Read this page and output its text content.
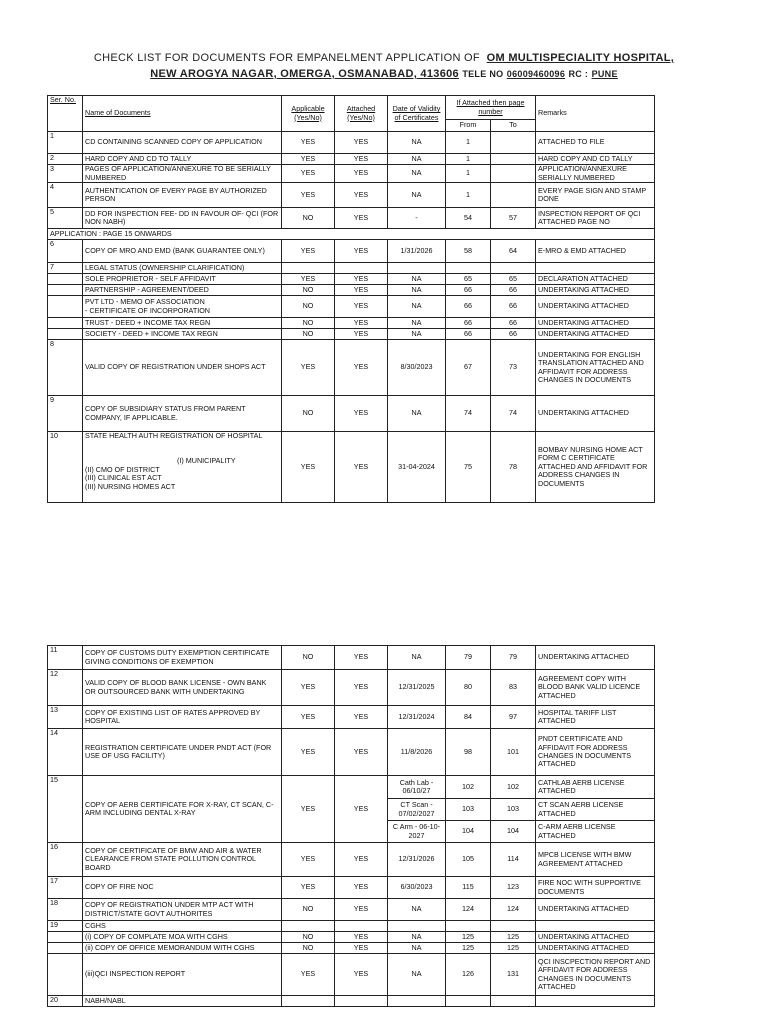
CHECK LIST FOR DOCUMENTS FOR EMPANELMENT APPLICATION OF OM MULTISPECIALITY HOSPITAL,
NEW AROGYA NAGAR, OMERGA, OSMANABAD, 413606 TELE NO 06009460096 RC : PUNE
Ser. No.	Name of Documents	Applicable (Yes/No)	Attached (Yes/No)	Date of Validity of Certificates	If Attached then page number		Remarks
					From	To	
1	CD CONTAINING SCANNED COPY OF APPLICATION	YES	YES	NA	1		ATTACHED TO FILE
2	HARD COPY AND CD TO TALLY	YES	YES	NA	1		HARD COPY AND CD TALLY
3	PAGES OF APPLICATION/ANNEXURE TO BE SERIALLY NUMBERED	YES	YES	NA	1		APPLICATION/ANNEXURE SERIALLY NUMBERED
4	AUTHENTICATION OF EVERY PAGE BY AUTHORIZED PERSON	YES	YES	NA	1		EVERY PAGE SIGN AND STAMP DONE
5	DD FOR INSPECTION FEE- DD IN FAVOUR OF- QCI (FOR NON NABH)	NO	YES	-	54	57	INSPECTION REPORT OF QCI ATTACHED PAGE NO
APPLICATION : PAGE 15 ONWARDS							
6	COPY OF MRO AND EMD (BANK GUARANTEE ONLY)	YES	YES	1/31/2026	58	64	E-MRO & EMD ATTACHED
7	LEGAL STATUS (OWNERSHIP CLARIFICATION)						
	SOLE PROPRIETOR - SELF AFFIDAVIT	YES	YES	NA	65	65	DECLARATION ATTACHED
	PARTNERSHIP - AGREEMENT/DEED	NO	YES	NA	66	66	UNDERTAKING ATTACHED
	PVT LTD - MEMO OF ASSOCIATION
- CERTIFICATE OF INCORPORATION	NO	YES	NA	66	66	UNDERTAKING ATTACHED
	TRUST - DEED + INCOME TAX REGN	NO	YES	NA	66	66	UNDERTAKING ATTACHED
	SOCIETY - DEED + INCOME TAX REGN	NO	YES	NA	66	66	UNDERTAKING ATTACHED
8	VALID COPY OF REGISTRATION UNDER SHOPS ACT	YES	YES	8/30/2023	67	73	UNDERTAKING FOR ENGLISH TRANSLATION ATTACHED AND AFFIDAVIT FOR ADDRESS CHANGES IN DOCUMENTS
9	COPY OF SUBSIDIARY STATUS FROM PARENT COMPANY, IF APPLICABLE.	NO	YES	NA	74	74	UNDERTAKING ATTACHED
10	STATE HEALTH AUTH REGISTRATION OF HOSPITAL
(I) MUNICIPALITY
(II) CMO OF DISTRICT
(III) CLINICAL EST ACT
(III) NURSING HOMES ACT	YES	YES	31-04-2024	75	78	BOMBAY NURSING HOME ACT FORM C CERTIFICATE ATTACHED AND AFFIDAVIT FOR ADDRESS CHANGES IN DOCUMENTS
11	COPY OF CUSTOMS DUTY EXEMPTION CERTIFICATE GIVING CONDITIONS OF EXEMPTION	NO	YES	NA	79	79	UNDERTAKING ATTACHED
12	VALID COPY OF BLOOD BANK LICENSE - OWN BANK OR OUTSOURCED BANK WITH UNDERTAKING	YES	YES	12/31/2025	80	83	AGREEMENT COPY WITH BLOOD BANK VALID LICENCE ATTACHED
13	COPY OF EXISTING LIST OF RATES APPROVED BY HOSPITAL	YES	YES	12/31/2024	84	97	HOSPITAL TARIFF LIST ATTACHED
14	REGISTRATION CERTIFICATE UNDER PNDT ACT (FOR USE OF USG FACILITY)	YES	YES	11/8/2026	98	101	PNDT CERTIFICATE AND AFFIDAVIT FOR ADDRESS CHANGES IN DOCUMENTS ATTACHED
15	COPY OF AERB CERTIFICATE FOR X-RAY, CT SCAN, C-ARM INCLUDING DENTAL X-RAY	YES	YES	Cath Lab - 06/10/27	102	102	CATHLAB AERB LICENSE ATTACHED
				CT Scan - 07/02/2027	103	103	CT SCAN AERB LICENSE ATTACHED
				C Arm - 06-10-2027	104	104	C-ARM AERB LICENSE ATTACHED
16	COPY OF CERTIFICATE OF BMW AND AIR & WATER CLEARANCE FROM STATE POLLUTION CONTROL BOARD	YES	YES	12/31/2026	105	114	MPCB LICENSE WITH BMW AGREEMENT ATTACHED
17	COPY OF FIRE NOC	YES	YES	6/30/2023	115	123	FIRE NOC WITH SUPPORTIVE DOCUMENTS
18	COPY OF REGISTRATION UNDER MTP ACT WITH DISTRICT/STATE GOVT AUTHORITES	NO	YES	NA	124	124	UNDERTAKING ATTACHED
19	CGHS						
	(i) COPY OF COMPLATE MOA WITH CGHS	NO	YES	NA	125	125	UNDERTAKING ATTACHED
	(ii) COPY OF OFFICE MEMORANDUM WITH CGHS	NO	YES	NA	125	125	UNDERTAKING ATTACHED
	(iii)QCI INSPECTION REPORT	YES	YES	NA	126	131	QCI INSCPECTION REPORT AND AFFIDAVIT FOR ADDRESS CHANGES IN DOCUMENTS ATTACHED
20	NABH/NABL						
